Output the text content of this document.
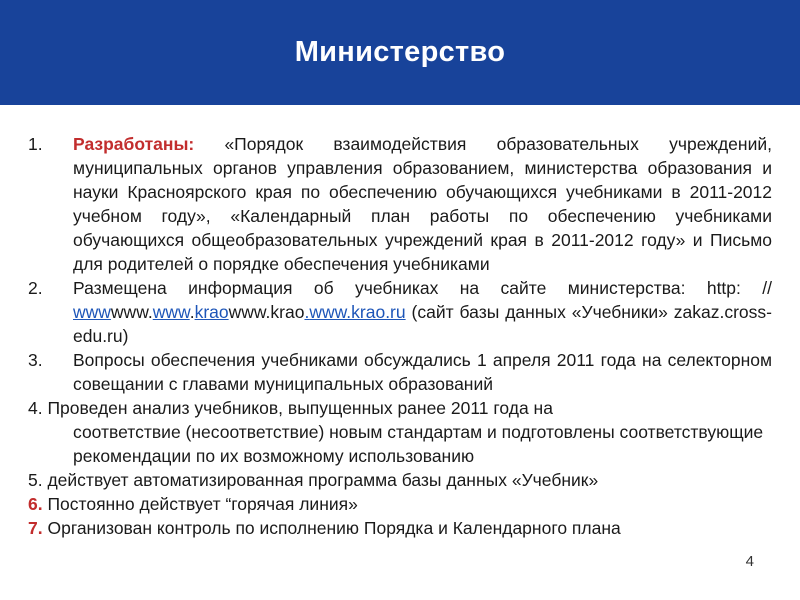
Министерство
1. Разработаны: «Порядок взаимодействия образовательных учреждений, муниципальных органов управления образованием, министерства образования и науки Красноярского края по обеспечению обучающихся учебниками в 2011-2012 учебном году», «Календарный план работы по обеспечению учебниками обучающихся общеобразовательных учреждений края в 2011-2012 году» и Письмо для родителей о порядке обеспечения учебниками
2. Размещена информация об учебниках на сайте министерства: http: // wwwwww.www.kraowww.krao.www.krao.ru (сайт базы данных «Учебники» zakaz.cross-edu.ru)
3. Вопросы обеспечения учебниками обсуждались 1 апреля 2011 года на селекторном совещании с главами муниципальных образований
4. Проведен анализ учебников, выпущенных ранее 2011 года на
соответствие (несоответствие) новым стандартам и подготовлены соответствующие рекомендации по их возможному использованию
5. действует автоматизированная программа базы данных «Учебник»
6. Постоянно действует “горячая линия»
7. Организован контроль по исполнению Порядка и Календарного плана
4
